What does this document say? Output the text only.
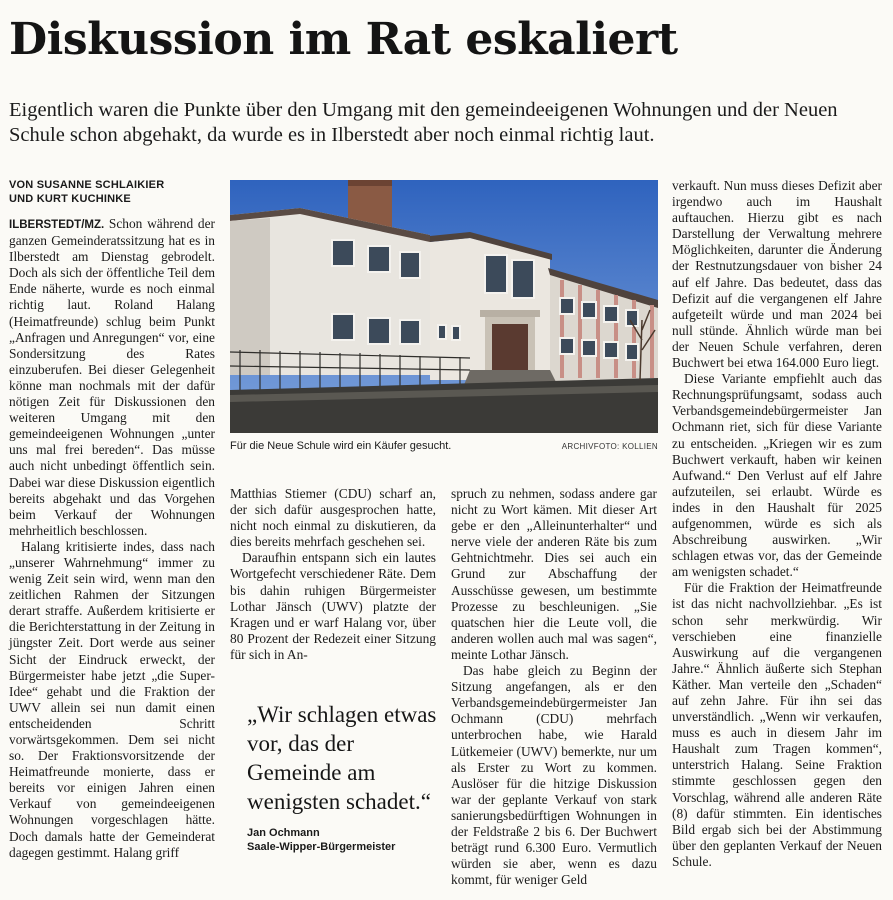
Diskussion im Rat eskaliert
Eigentlich waren die Punkte über den Umgang mit den gemeindeeigenen Wohnungen und der Neuen Schule schon abgehakt, da wurde es in Ilberstedt aber noch einmal richtig laut.
VON SUSANNE SCHLAIKIER
UND KURT KUCHINKE

ILBERSTEDT/MZ. Schon während der ganzen Gemeinderatssitzung hat es in Ilberstedt am Dienstag gebrodelt. Doch als sich der öffentliche Teil dem Ende näherte, wurde es noch einmal richtig laut. Roland Halang (Heimatfreunde) schlug beim Punkt „Anfragen und Anregungen“ vor, eine Sondersitzung des Rates einzuberufen. Bei dieser Gelegenheit könne man nochmals mit der dafür nötigen Zeit für Diskussionen den weiteren Umgang mit den gemeindeeigenen Wohnungen „unter uns mal frei bereden“. Das müsse auch nicht unbedingt öffentlich sein. Dabei war diese Diskussion eigentlich bereits abgehakt und das Vorgehen beim Verkauf der Wohnungen mehrheitlich beschlossen.

Halang kritisierte indes, dass nach „unserer Wahrnehmung“ immer zu wenig Zeit sein wird, wenn man den zeitlichen Rahmen der Sitzungen derart straffe. Außerdem kritisierte er die Berichterstattung in der Zeitung in jüngster Zeit. Dort werde aus seiner Sicht der Eindruck erweckt, der Bürgermeister habe jetzt „die Super-Idee“ gehabt und die Fraktion der UWV allein sei nun damit einen entscheidenden Schritt vorwärtsgekommen. Dem sei nicht so. Der Fraktionsvorsitzende der Heimatfreunde monierte, dass er bereits vor einigen Jahren einen Verkauf von gemeindeeigenen Wohnungen vorgeschlagen hätte. Doch damals hatte der Gemeinderat dagegen gestimmt. Halang griff

Für die Neue Schule wird ein Käufer gesucht.	ARCHIVFOTO: KOLLIEN

Matthias Stiemer (CDU) scharf an, der sich dafür ausgesprochen hatte, nicht noch einmal zu diskutieren, da dies bereits mehrfach geschehen sei.

Daraufhin entspann sich ein lautes Wortgefecht verschiedener Räte. Dem bis dahin ruhigen Bürgermeister Lothar Jänsch (UWV) platzte der Kragen und er warf Halang vor, über 80 Prozent der Redezeit einer Sitzung für sich in An-

„Wir schlagen etwas vor, das der Gemeinde am wenigsten schadet.“
Jan Ochmann
Saale-Wipper-Bürgermeister

spruch zu nehmen, sodass andere gar nicht zu Wort kämen. Mit dieser Art gebe er den „Alleinunterhalter“ und nerve viele der anderen Räte bis zum Gehtnichtmehr. Dies sei auch ein Grund zur Abschaffung der Ausschüsse gewesen, um bestimmte Prozesse zu beschleunigen. „Sie quatschen hier die Leute voll, die anderen wollen auch mal was sagen“, meinte Lothar Jänsch.

Das habe gleich zu Beginn der Sitzung angefangen, als er den Verbandsgemeindebürgermeister Jan Ochmann (CDU) mehrfach unterbrochen habe, wie Harald Lütkemeier (UWV) bemerkte, nur um als Erster zu Wort zu kommen. Auslöser für die hitzige Diskussion war der geplante Verkauf von stark sanierungsbedürftigen Wohnungen in der Feldstraße 2 bis 6. Der Buchwert beträgt rund 6.300 Euro. Vermutlich würden sie aber, wenn es dazu kommt, für weniger Geld

verkauft. Nun muss dieses Defizit aber irgendwo auch im Haushalt auftauchen. Hierzu gibt es nach Darstellung der Verwaltung mehrere Möglichkeiten, darunter die Änderung der Restnutzungsdauer von bisher 24 auf elf Jahre. Das bedeutet, dass das Defizit auf die vergangenen elf Jahre aufgeteilt würde und man 2024 bei null stünde. Ähnlich würde man bei der Neuen Schule verfahren, deren Buchwert bei etwa 164.000 Euro liegt.

Diese Variante empfiehlt auch das Rechnungsprüfungsamt, sodass auch Verbandsgemeindebürgermeister Jan Ochmann riet, sich für diese Variante zu entscheiden. „Kriegen wir es zum Buchwert verkauft, haben wir keinen Aufwand.“ Den Verlust auf elf Jahre aufzuteilen, sei erlaubt. Würde es indes in den Haushalt für 2025 aufgenommen, würde es sich als Abschreibung auswirken. „Wir schlagen etwas vor, das der Gemeinde am wenigsten schadet.“

Für die Fraktion der Heimatfreunde ist das nicht nachvollziehbar. „Es ist schon sehr merkwürdig. Wir verschieben eine finanzielle Auswirkung auf die vergangenen Jahre.“ Ähnlich äußerte sich Stephan Käther. Man verteile den „Schaden“ auf zehn Jahre. Für ihn sei das unverständlich. „Wenn wir verkaufen, muss es auch in diesem Jahr im Haushalt zum Tragen kommen“, unterstrich Halang. Seine Fraktion stimmte geschlossen gegen den Vorschlag, während alle anderen Räte (8) dafür stimmten. Ein identisches Bild ergab sich bei der Abstimmung über den geplanten Verkauf der Neuen Schule.
